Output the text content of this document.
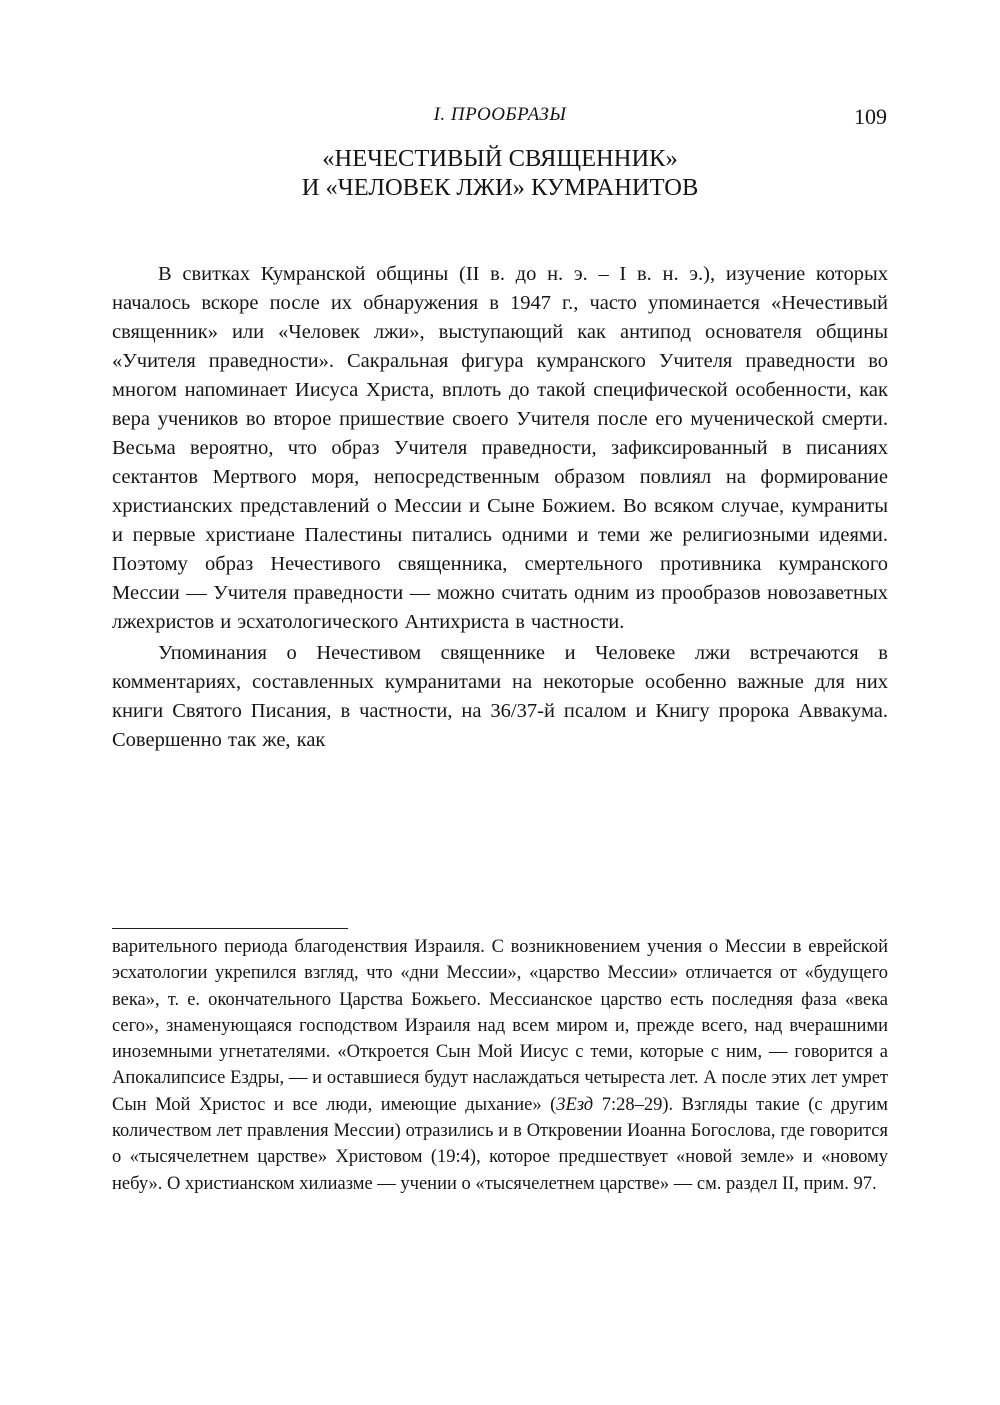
I. ПРООБРАЗЫ	109
«НЕЧЕСТИВЫЙ СВЯЩЕННИК»
И «ЧЕЛОВЕК ЛЖИ» КУМРАНИТОВ

В свитках Кумранской общины (II в. до н. э. – I в. н. э.), изучение которых началось вскоре после их обнаружения в 1947 г., часто упоминается «Нечестивый священник» или «Человек лжи», выступающий как антипод основателя общины «Учителя праведности». Сакральная фигура кумранского Учителя праведности во многом напоминает Иисуса Христа, вплоть до такой специфической особенности, как вера учеников во второе пришествие своего Учителя после его мученической смерти. Весьма вероятно, что образ Учителя праведности, зафиксированный в писаниях сектантов Мертвого моря, непосредственным образом повлиял на формирование христианских представлений о Мессии и Сыне Божием. Во всяком случае, кумраниты и первые христиане Палестины питались одними и теми же религиозными идеями. Поэтому образ Нечестивого священника, смертельного противника кумранского Мессии — Учителя праведности — можно считать одним из прообразов новозаветных лжехристов и эсхатологического Антихриста в частности.

Упоминания о Нечестивом священнике и Человеке лжи встречаются в комментариях, составленных кумранитами на некоторые особенно важные для них книги Святого Писания, в частности, на 36/37-й псалом и Книгу пророка Аввакума. Совершенно так же, как

варительного периода благоденствия Израиля. С возникновением учения о Мессии в еврейской эсхатологии укрепился взгляд, что «дни Мессии», «царство Мессии» отличается от «будущего века», т. е. окончательного Царства Божьего. Мессианское царство есть последняя фаза «века сего», знаменующаяся господством Израиля над всем миром и, прежде всего, над вчерашними иноземными угнетателями. «Откроется Сын Мой Иисус с теми, которые с ним, — говорится а Апокалипсисе Ездры, — и оставшиеся будут наслаждаться четыреста лет. А после этих лет умрет Сын Мой Христос и все люди, имеющие дыхание» (3Езд 7:28–29). Взгляды такие (с другим количеством лет правления Мессии) отразились и в Откровении Иоанна Богослова, где говорится о «тысячелетнем царстве» Христовом (19:4), которое предшествует «новой земле» и «новому небу». О христианском хилиазме — учении о «тысячелетнем царстве» — см. раздел II, прим. 97.
